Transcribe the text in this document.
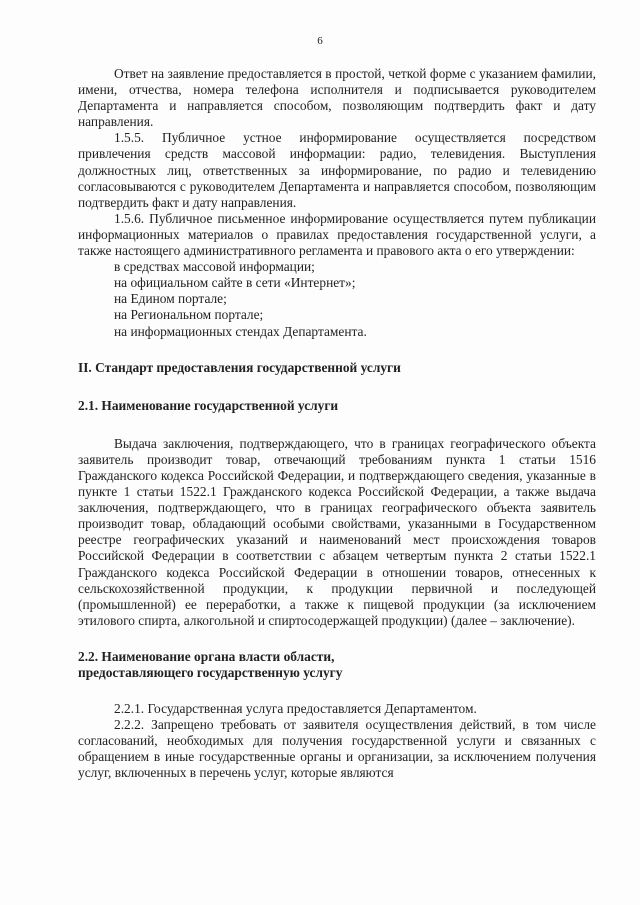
6

Ответ на заявление предоставляется в простой, четкой форме с указанием фамилии, имени, отчества, номера телефона исполнителя и подписывается руководителем Департамента и направляется способом, позволяющим подтвердить факт и дату направления.

1.5.5. Публичное устное информирование осуществляется посредством привлечения средств массовой информации: радио, телевидения. Выступления должностных лиц, ответственных за информирование, по радио и телевидению согласовываются с руководителем Департамента и направляется способом, позволяющим подтвердить факт и дату направления.

1.5.6. Публичное письменное информирование осуществляется путем публикации информационных материалов о правилах предоставления государственной услуги, а также настоящего административного регламента и правового акта о его утверждении:

в средствах массовой информации;
на официальном сайте в сети «Интернет»;
на Едином портале;
на Региональном портале;
на информационных стендах Департамента.

II. Стандарт предоставления государственной услуги

2.1. Наименование государственной услуги

Выдача заключения, подтверждающего, что в границах географического объекта заявитель производит товар, отвечающий требованиям пункта 1 статьи 1516 Гражданского кодекса Российской Федерации, и подтверждающего сведения, указанные в пункте 1 статьи 1522.1 Гражданского кодекса Российской Федерации, а также выдача заключения, подтверждающего, что в границах географического объекта заявитель производит товар, обладающий особыми свойствами, указанными в Государственном реестре географических указаний и наименований мест происхождения товаров Российской Федерации в соответствии с абзацем четвертым пункта 2 статьи 1522.1 Гражданского кодекса Российской Федерации в отношении товаров, отнесенных к сельскохозяйственной продукции, к продукции первичной и последующей (промышленной) ее переработки, а также к пищевой продукции (за исключением этилового спирта, алкогольной и спиртосодержащей продукции) (далее – заключение).

2.2. Наименование органа власти области,

предоставляющего государственную услугу

2.2.1. Государственная услуга предоставляется Департаментом.

2.2.2. Запрещено требовать от заявителя осуществления действий, в том числе согласований, необходимых для получения государственной услуги и связанных с обращением в иные государственные органы и организации, за исключением получения услуг, включенных в перечень услуг, которые являются
